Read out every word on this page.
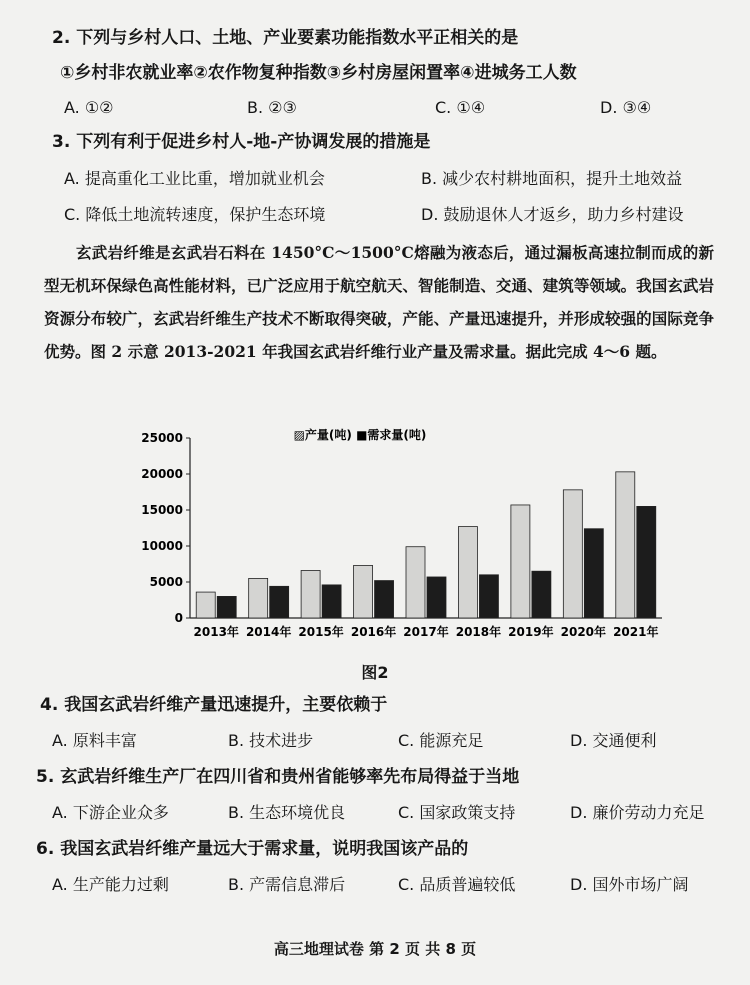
2. 下列与乡村人口、土地、产业要素功能指数水平正相关的是
①乡村非农就业率②农作物复种指数③乡村房屋闲置率④进城务工人数
A. ①②	B. ②③	C. ①④	D. ③④
3. 下列有利于促进乡村人-地-产协调发展的措施是
A. 提高重化工业比重，增加就业机会	B. 减少农村耕地面积，提升土地效益
C. 降低土地流转速度，保护生态环境	D. 鼓励退休人才返乡，助力乡村建设
玄武岩纤维是玄武岩石料在 1450°C～1500°C熔融为液态后，通过漏板高速拉制而成的新型无机环保绿色高性能材料，已广泛应用于航空航天、智能制造、交通、建筑等领域。我国玄武岩资源分布较广，玄武岩纤维生产技术不断取得突破，产能、产量迅速提升，并形成较强的国际竞争优势。图 2 示意 2013-2021 年我国玄武岩纤维行业产量及需求量。据此完成 4～6 题。
▨产量(吨) ■需求量(吨)
0
5000
10000
15000
20000
25000
2013年 2014年 2015年 2016年 2017年 2018年 2019年 2020年 2021年
图2
4. 我国玄武岩纤维产量迅速提升，主要依赖于
A. 原料丰富	B. 技术进步	C. 能源充足	D. 交通便利
5. 玄武岩纤维生产厂在四川省和贵州省能够率先布局得益于当地
A. 下游企业众多	B. 生态环境优良	C. 国家政策支持	D. 廉价劳动力充足
6. 我国玄武岩纤维产量远大于需求量，说明我国该产品的
A. 生产能力过剩	B. 产需信息滞后	C. 品质普遍较低	D. 国外市场广阔
高三地理试卷 第 2 页 共 8 页
